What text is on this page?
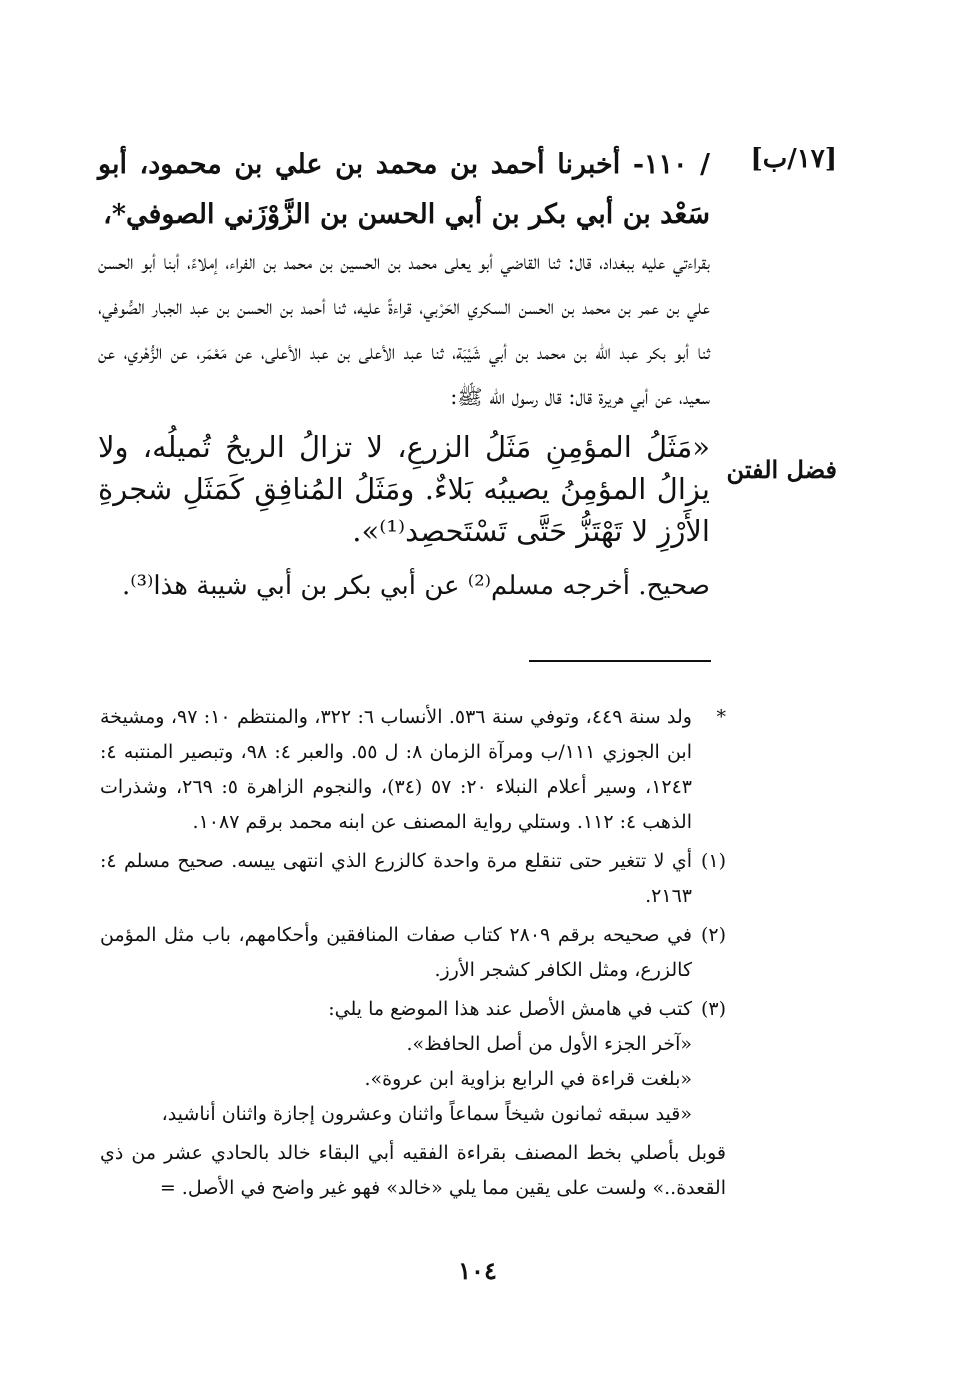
[١٧/ب]
فضل الفتن
/ ١١٠- أخبرنا أحمد بن محمد بن علي بن محمود، أبو سَعْد بن أبي بكر بن أبي الحسن بن الزَّوْزَني الصوفي*،
بقراءتي عليه ببغداد، قال: ثنا القاضي أبو يعلى محمد بن الحسين بن محمد بن الفراء، إملاءً، أبنا أبو الحسن علي بن عمر بن محمد بن الحسن السكري الحَرْبي، قراءةً عليه، ثنا أحمد بن الحسن بن عبد الجبار الصُّوفي، ثنا أبو بكر عبد الله بن محمد بن أبي شَيْبَة، ثنا عبد الأعلى بن عبد الأعلى، عن مَعْمَر، عن الزُّهْري، عن سعيد، عن أبي هريرة قال: قال رسول الله ﷺ:
«مَثَلُ المؤمِنِ مَثَلُ الزرعِ، لا تزالُ الريحُ تُميلُه، ولا يزالُ المؤمِنُ يصيبُه بَلاءٌ. ومَثَلُ المُنافِقِ كَمَثَلِ شجرةِ الأَرْزِ لا تَهْتَزُّ حَتَّى تَسْتَحصِد⁽¹⁾».
صحيح. أخرجه مسلم⁽²⁾ عن أبي بكر بن أبي شيبة هذا⁽³⁾.
*
ولد سنة ٤٤٩، وتوفي سنة ٥٣٦. الأنساب ٦: ٣٢٢، والمنتظم ١٠: ٩٧، ومشيخة ابن الجوزي ١١١/ب ومرآة الزمان ٨: ل ٥٥. والعبر ٤: ٩٨، وتبصير المنتبه ٤: ١٢٤٣، وسير أعلام النبلاء ٢٠: ٥٧ (٣٤)، والنجوم الزاهرة ٥: ٢٦٩، وشذرات الذهب ٤: ١١٢. وستلي رواية المصنف عن ابنه محمد برقم ١٠٨٧.
(١)
أي لا تتغير حتى تنقلع مرة واحدة كالزرع الذي انتهى ييسه. صحيح مسلم ٤: ٢١٦٣.
(٢)
في صحيحه برقم ٢٨٠٩ كتاب صفات المنافقين وأحكامهم، باب مثل المؤمن كالزرع، ومثل الكافر كشجر الأرز.
(٣)
كتب في هامش الأصل عند هذا الموضع ما يلي:
«آخر الجزء الأول من أصل الحافظ».
«بلغت قراءة في الرابع بزاوية ابن عروة».
«قيد سبقه ثمانون شيخاً سماعاً واثنان وعشرون إجازة واثنان أناشيد،
قوبل بأصلي بخط المصنف بقراءة الفقيه أبي البقاء خالد بالحادي عشر من ذي القعدة..» ولست على يقين مما يلي «خالد» فهو غير واضح في الأصل. =
١٠٤
